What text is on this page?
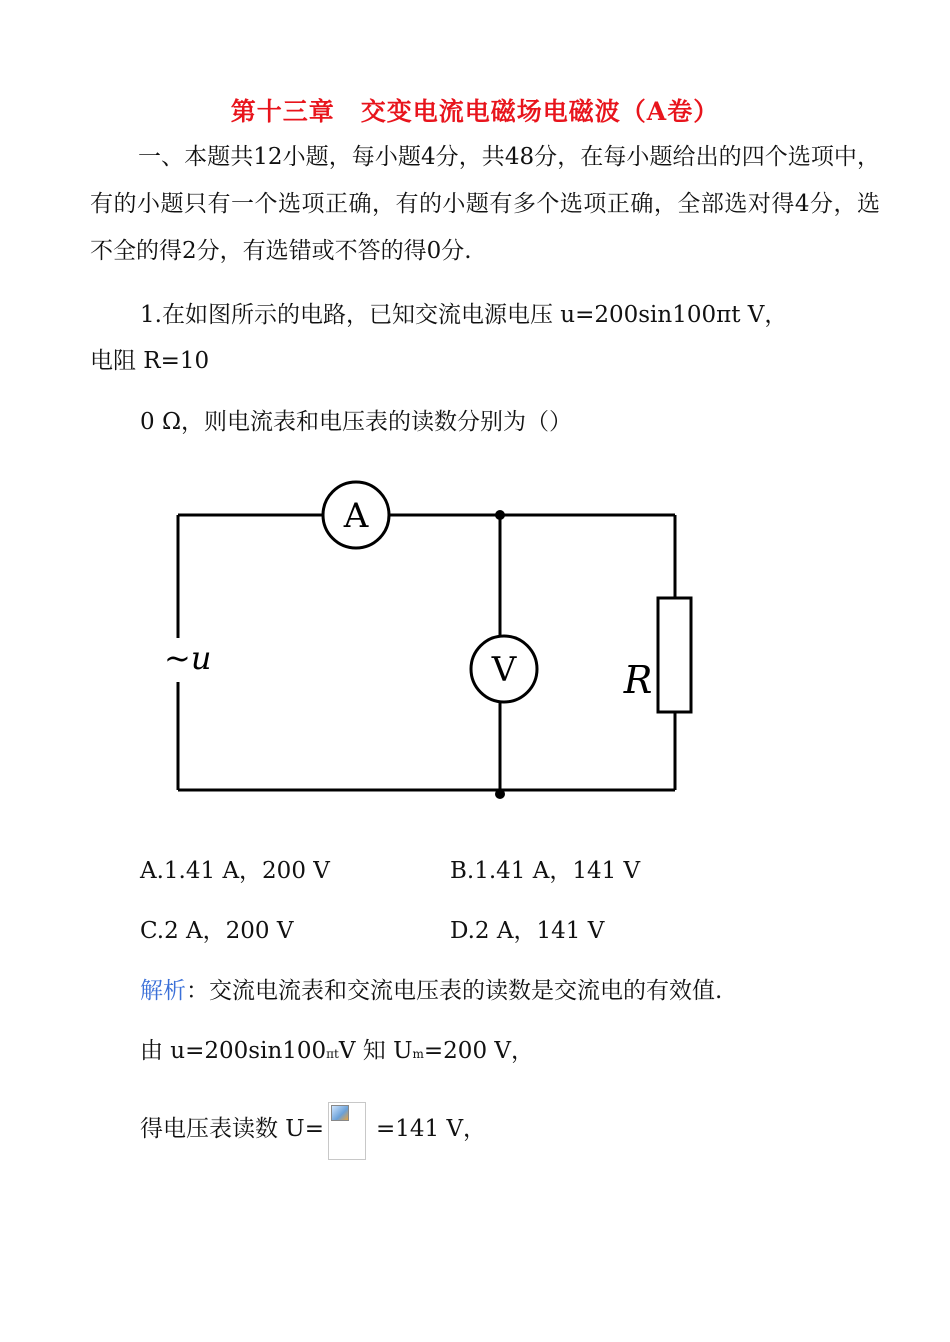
第十三章　交变电流电磁场电磁波（A卷）
一、本题共12小题，每小题4分，共48分，在每小题给出的四个选项中，有的小题只有一个选项正确，有的小题有多个选项正确，全部选对得4分，选不全的得2分，有选错或不答的得0分.
1.在如图所示的电路，已知交流电源电压 u=200sin100πt V，
电阻 R=10
0 Ω，则电流表和电压表的读数分别为（）
A
V	R
~u
A.1.41 A，200 V	B.1.41 A，141 V
C.2 A，200 V	D.2 A，141 V
解析：交流电流表和交流电压表的读数是交流电的有效值.
由 u=200sin100πtV 知 Um=200 V，
得电压表读数 U= =141 V，
